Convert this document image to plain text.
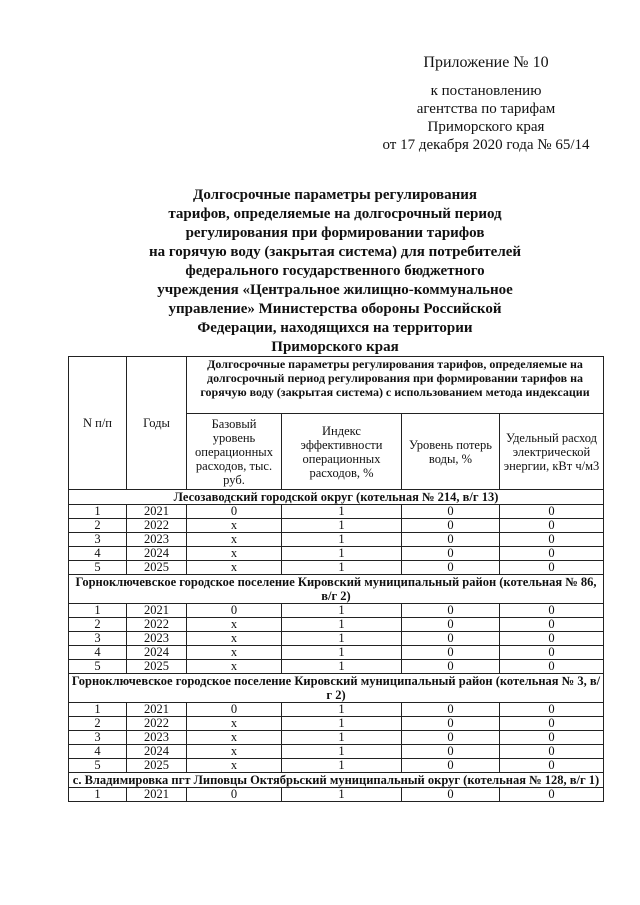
Приложение № 10
к постановлению
агентства по тарифам
Приморского края
от 17 декабря 2020 года № 65/14
Долгосрочные параметры регулирования
тарифов, определяемые на долгосрочный период
регулирования при формировании тарифов
на горячую воду (закрытая система) для потребителей
федерального государственного бюджетного
учреждения «Центральное жилищно-коммунальное
управление» Министерства обороны Российской
Федерации, находящихся на территории
Приморского края
N п/п	Годы	Долгосрочные параметры регулирования тарифов, определяемые на долгосрочный период регулирования при формировании тарифов на горячую воду (закрытая система) с использованием метода индексации			
		Базовый уровень операционных расходов, тыс. руб.	Индекс эффективности операционных расходов, %	Уровень потерь воды, %	Удельный расход электрической энергии, кВт ч/м3
Лесозаводский городской округ (котельная № 214, в/г 13)					
1	2021	0	1	0	0
2	2022	x	1	0	0
3	2023	x	1	0	0
4	2024	x	1	0	0
5	2025	x	1	0	0
Горноключевское городское поселение Кировский муниципальный район (котельная № 86, в/г 2)					
1	2021	0	1	0	0
2	2022	x	1	0	0
3	2023	x	1	0	0
4	2024	x	1	0	0
5	2025	x	1	0	0
Горноключевское городское поселение Кировский муниципальный район (котельная № 3, в/г 2)					
1	2021	0	1	0	0
2	2022	x	1	0	0
3	2023	x	1	0	0
4	2024	x	1	0	0
5	2025	x	1	0	0
с. Владимировка пгт Липовцы Октябрьский муниципальный округ (котельная № 128, в/г 1)					
1	2021	0	1	0	0
